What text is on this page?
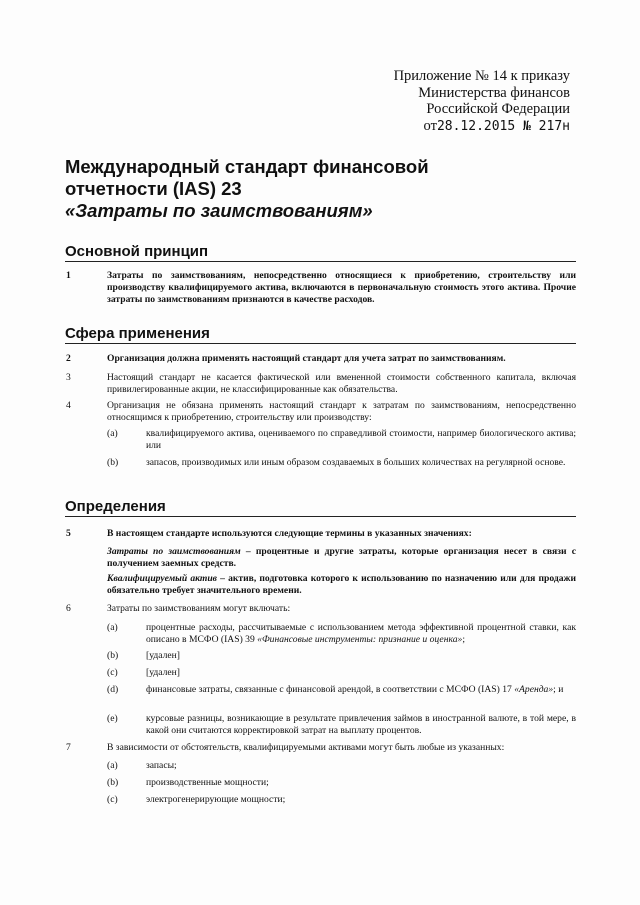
Приложение № 14 к приказу
Министерства финансов
Российской Федерации
от28.12.2015 № 217н
Международный стандарт финансовой
отчетности (IAS) 23
«Затраты по заимствованиям»
Основной принцип
1	Затраты по заимствованиям, непосредственно относящиеся к приобретению, строительству или производству квалифицируемого актива, включаются в первоначальную стоимость этого актива. Прочие затраты по заимствованиям признаются в качестве расходов.
Сфера применения
2	Организация должна применять настоящий стандарт для учета затрат по заимствованиям.
3	Настоящий стандарт не касается фактической или вмененной стоимости собственного капитала, включая привилегированные акции, не классифицированные как обязательства.
4	Организация не обязана применять настоящий стандарт к затратам по заимствованиям, непосредственно относящимся к приобретению, строительству или производству:
(a)	квалифицируемого актива, оцениваемого по справедливой стоимости, например биологического актива; или
(b)	запасов, производимых или иным образом создаваемых в больших количествах на регулярной основе.
Определения
5	В настоящем стандарте используются следующие термины в указанных значениях:
Затраты по заимствованиям – процентные и другие затраты, которые организация несет в связи с получением заемных средств.
Квалифицируемый актив – актив, подготовка которого к использованию по назначению или для продажи обязательно требует значительного времени.
6	Затраты по заимствованиям могут включать:
(a)	процентные расходы, рассчитываемые с использованием метода эффективной процентной ставки, как описано в МСФО (IAS) 39 «Финансовые инструменты: признание и оценка»;
(b)	[удален]
(c)	[удален]
(d)	финансовые затраты, связанные с финансовой арендой, в соответствии с МСФО (IAS) 17 «Аренда»; и
(e)	курсовые разницы, возникающие в результате привлечения займов в иностранной валюте, в той мере, в какой они считаются корректировкой затрат на выплату процентов.
7	В зависимости от обстоятельств, квалифицируемыми активами могут быть любые из указанных:
(a)	запасы;
(b)	производственные мощности;
(c)	электрогенерирующие мощности;
